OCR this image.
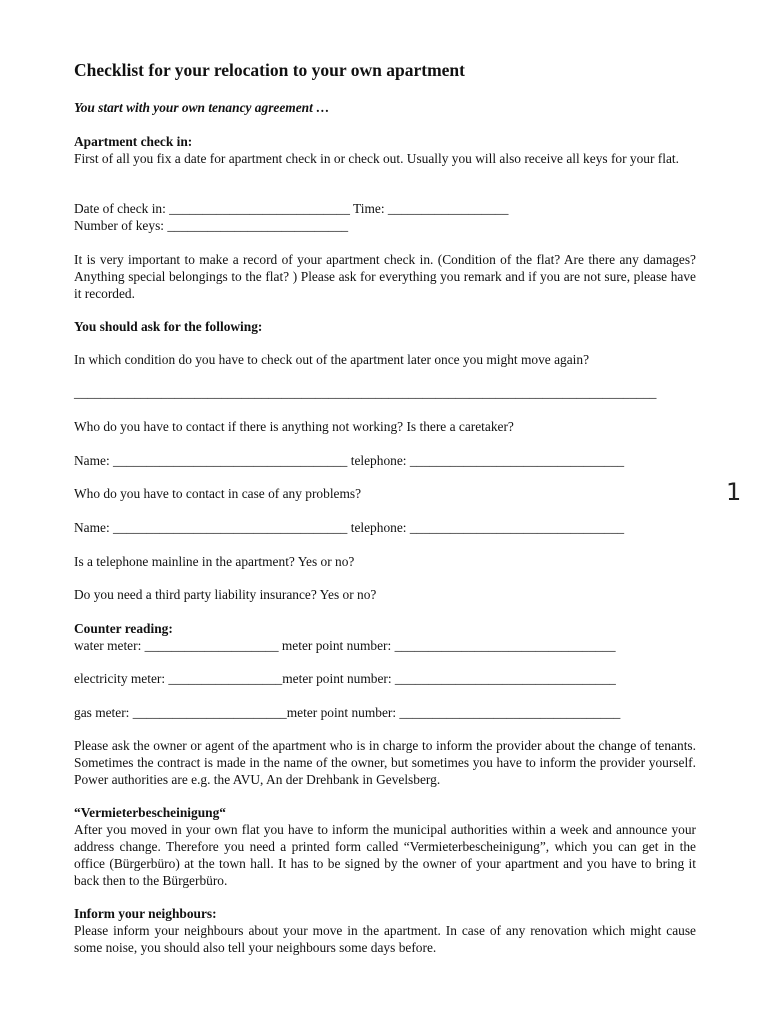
Checklist for your relocation to your own apartment
You start with your own tenancy agreement …
Apartment check in:
First of all you fix a date for apartment check in or check out. Usually you will also receive all keys for your flat.
Date of check in: ___________________________ Time: __________________
Number of keys: ___________________________
It is very important to make a record of your apartment check in. (Condition of the flat? Are there any damages? Anything special belongings to the flat? ) Please ask for everything you remark and if you are not sure, please have it recorded.
You should ask for the following:
In which condition do you have to check out of the apartment later once you might move again?
_______________________________________________________________________________________
Who do you have to contact if there is anything not working? Is there a caretaker?
Name: ___________________________________ telephone: ________________________________
Who do you have to contact in case of any problems?
Name: ___________________________________ telephone: ________________________________
Is a telephone mainline in the apartment? Yes or no?
Do you need a third party liability insurance? Yes or no?
Counter reading:
water meter: ____________________ meter point number: _________________________________
electricity meter: _________________meter point number: _________________________________
gas meter: _______________________meter point number: _________________________________
Please ask the owner or agent of the apartment who is in charge to inform the provider about the change of tenants. Sometimes the contract is made in the name of the owner, but sometimes you have to inform the provider yourself. Power authorities are e.g. the AVU, An der Drehbank in Gevelsberg.
“Vermieterbescheinigung“
After you moved in your own flat you have to inform the municipal authorities within a week and announce your address change. Therefore you need a printed form called “Vermieterbescheinigung”, which you can get in the office (Bürgerbüro) at the town hall. It has to be signed by the owner of your apartment and you have to bring it back then to the Bürgerbüro.
Inform your neighbours:
Please inform your neighbours about your move in the apartment. In case of any renovation which might cause some noise, you should also tell your neighbours some days before.
1
